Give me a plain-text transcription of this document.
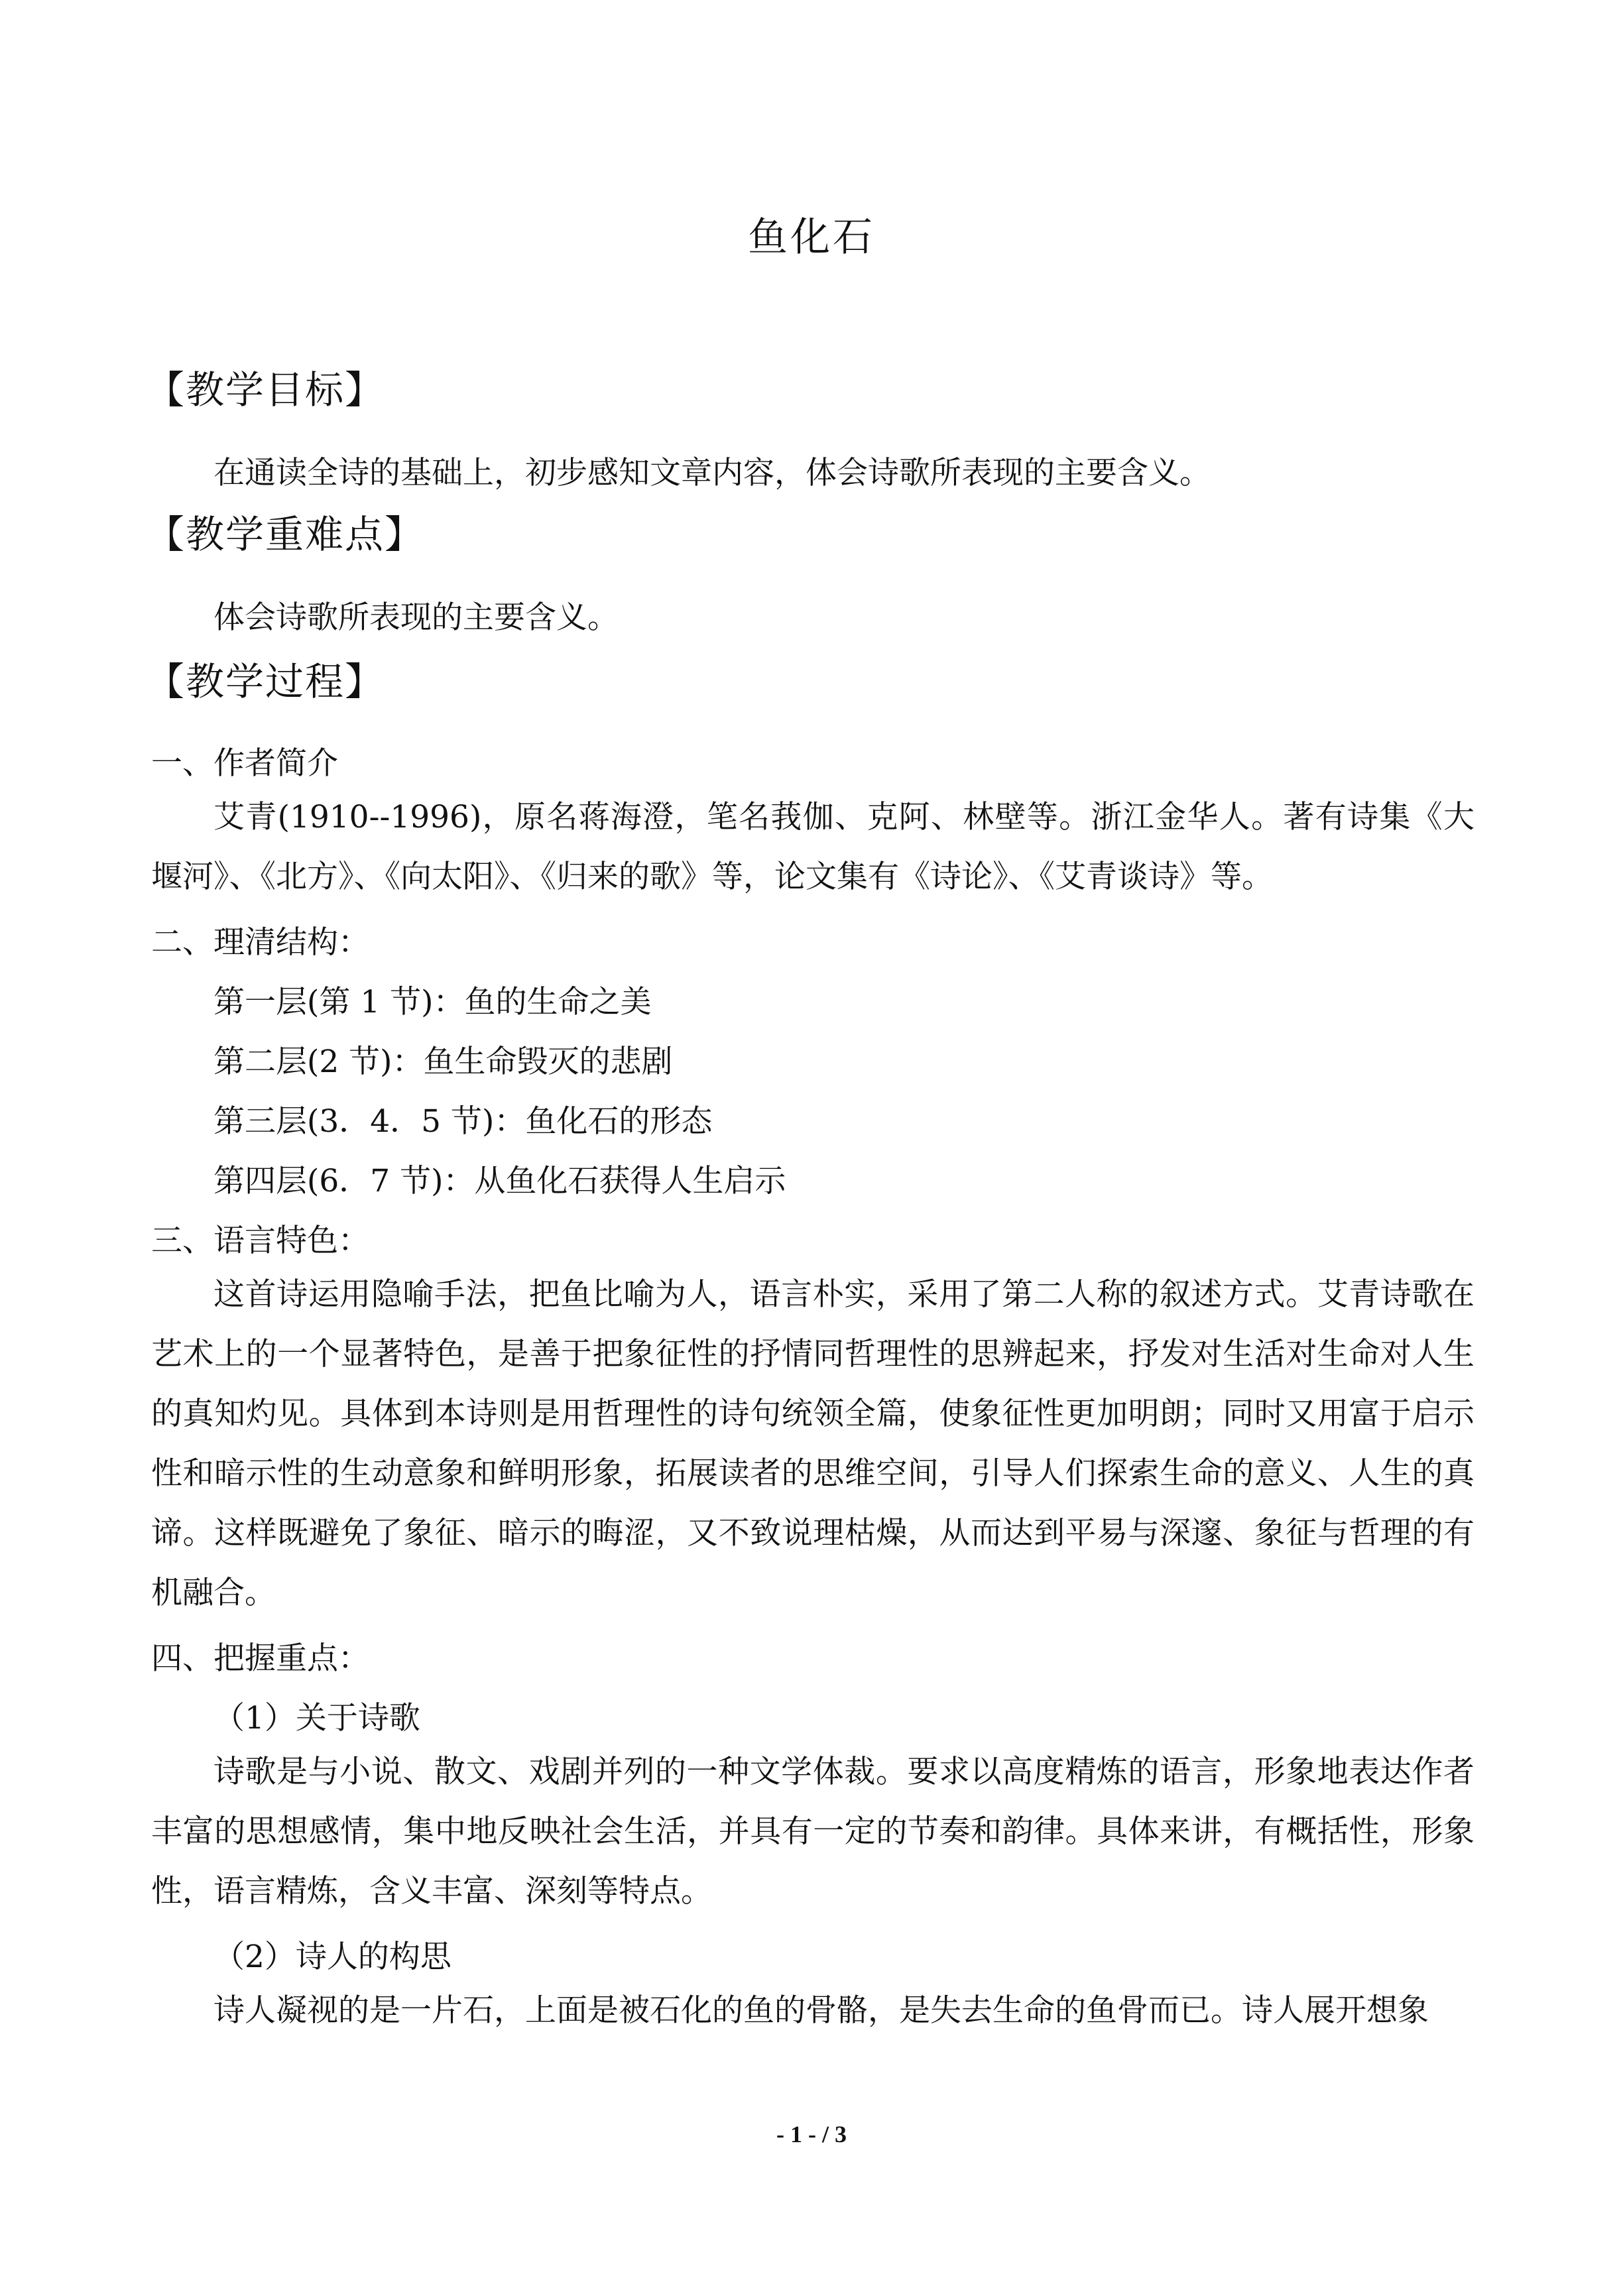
鱼化石
【教学目标】
在通读全诗的基础上，初步感知文章内容，体会诗歌所表现的主要含义。
【教学重难点】
体会诗歌所表现的主要含义。
【教学过程】
一、作者简介
艾青(1910--1996)，原名蒋海澄，笔名莪伽、克阿、林壁等。浙江金华人。著有诗集《大堰河》、《北方》、《向太阳》、《归来的歌》等，论文集有《诗论》、《艾青谈诗》等。
二、理清结构：
第一层(第 1 节)：鱼的生命之美
第二层(2 节)：鱼生命毁灭的悲剧
第三层(3．4．5 节)：鱼化石的形态
第四层(6．7 节)：从鱼化石获得人生启示
三、语言特色：
这首诗运用隐喻手法，把鱼比喻为人，语言朴实，采用了第二人称的叙述方式。艾青诗歌在艺术上的一个显著特色，是善于把象征性的抒情同哲理性的思辨起来，抒发对生活对生命对人生的真知灼见。具体到本诗则是用哲理性的诗句统领全篇，使象征性更加明朗；同时又用富于启示性和暗示性的生动意象和鲜明形象，拓展读者的思维空间，引导人们探索生命的意义、人生的真谛。这样既避免了象征、暗示的晦涩，又不致说理枯燥，从而达到平易与深邃、象征与哲理的有机融合。
四、把握重点：
（1）关于诗歌
诗歌是与小说、散文、戏剧并列的一种文学体裁。要求以高度精炼的语言，形象地表达作者丰富的思想感情，集中地反映社会生活，并具有一定的节奏和韵律。具体来讲，有概括性，形象性，语言精炼，含义丰富、深刻等特点。
（2）诗人的构思
诗人凝视的是一片石，上面是被石化的鱼的骨骼，是失去生命的鱼骨而已。诗人展开想象
- 1 - / 3
